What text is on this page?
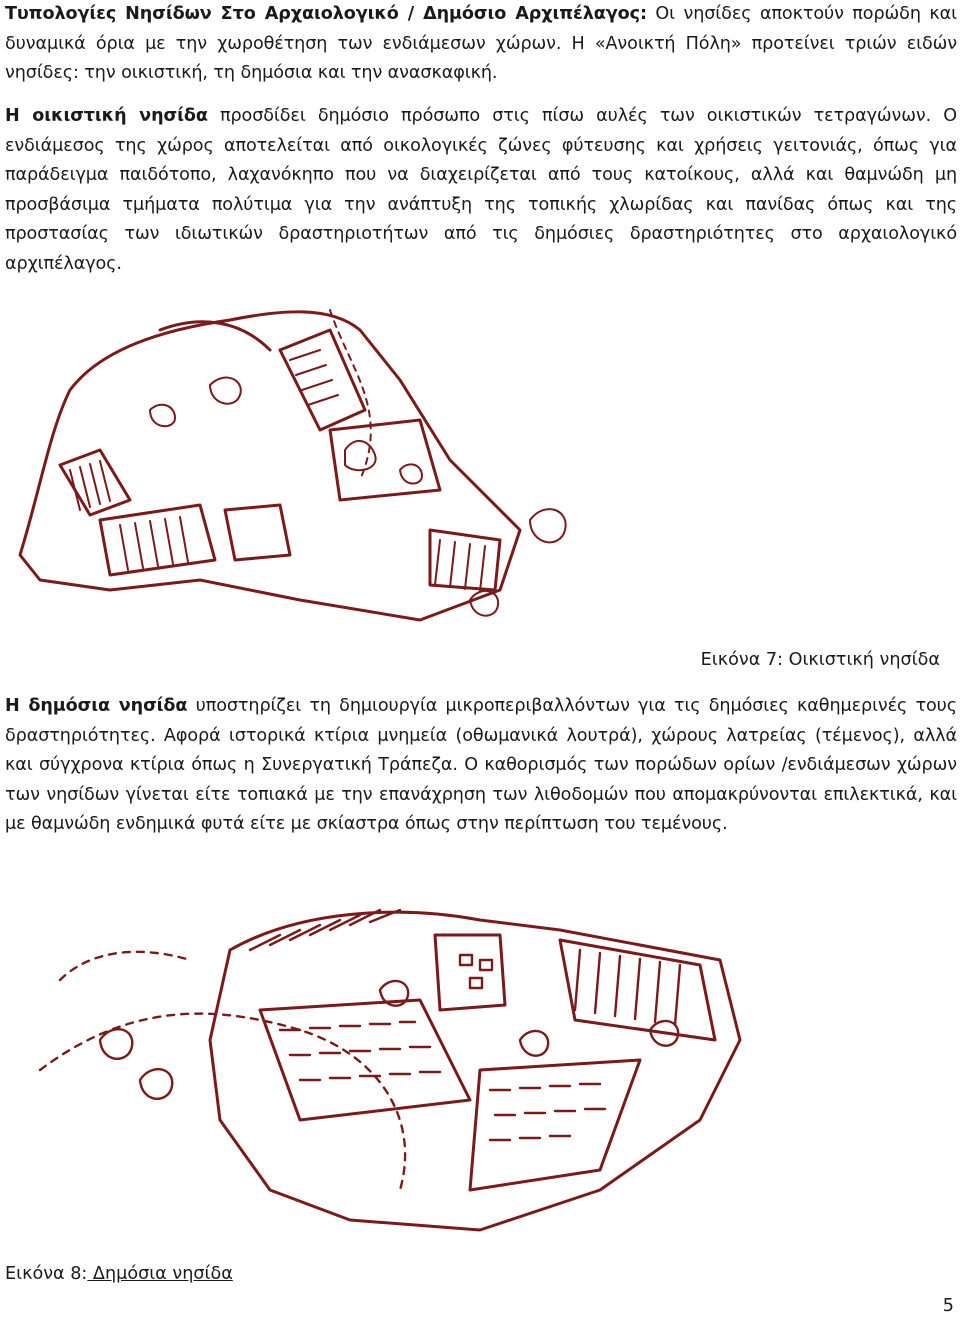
Τυπολογίες Νησίδων Στο Αρχαιολογικό / Δημόσιο Αρχιπέλαγος: Οι νησίδες αποκτούν πορώδη και δυναμικά όρια με την χωροθέτηση των ενδιάμεσων χώρων. Η «Ανοικτή Πόλη» προτείνει τριών ειδών νησίδες: την οικιστική, τη δημόσια και την ανασκαφική.

Η οικιστική νησίδα προσδίδει δημόσιο πρόσωπο στις πίσω αυλές των οικιστικών τετραγώνων. Ο ενδιάμεσος της χώρος αποτελείται από οικολογικές ζώνες φύτευσης και χρήσεις γειτονιάς, όπως για παράδειγμα παιδότοπο, λαχανόκηπο που να διαχειρίζεται από τους κατοίκους, αλλά και θαμνώδη μη προσβάσιμα τμήματα πολύτιμα για την ανάπτυξη της τοπικής χλωρίδας και πανίδας όπως και της προστασίας των ιδιωτικών δραστηριοτήτων από τις δημόσιες δραστηριότητες στο αρχαιολογικό αρχιπέλαγος.

Εικόνα 7: Οικιστική νησίδα

Η δημόσια νησίδα υποστηρίζει τη δημιουργία μικροπεριβαλλόντων για τις δημόσιες καθημερινές τους δραστηριότητες. Αφορά ιστορικά κτίρια μνημεία (οθωμανικά λουτρά), χώρους λατρείας (τέμενος), αλλά και σύγχρονα κτίρια όπως η Συνεργατική Τράπεζα. Ο καθορισμός των πορώδων ορίων /ενδιάμεσων χώρων των νησίδων γίνεται είτε τοπιακά με την επανάχρηση των λιθοδομών που απομακρύνονται επιλεκτικά, και με θαμνώδη ενδημικά φυτά είτε με σκίαστρα όπως στην περίπτωση του τεμένους.

Εικόνα 8: Δημόσια νησίδα

5
